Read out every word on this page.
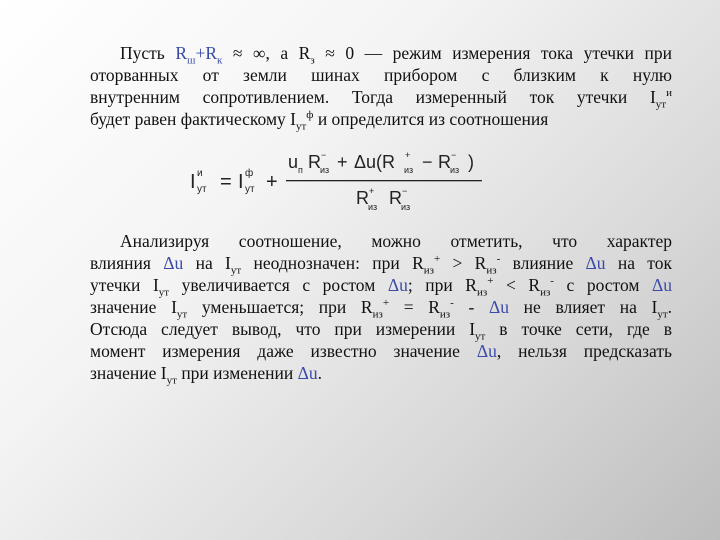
Пусть $R_ш+R_к$ ≈ ∞, а $R_з \approx 0$ — режим измерения тока утечки при
оторванных от земли шинах прибором с близким к нулю
внутренним сопротивлением. Тогда измеренный ток утечки $I_{ут}^и$
будет равен фактическому $I_{ут}^ф$ и определится из соотношения
I и
ут = I ф
ут +
u п R −
из + Δu(R +
из − R −
из )
R +
из R −
из
Анализируя соотношение, можно отметить, что характер
влияния Δu на $I_{ут}$ неоднозначен: при $R_{из}^+ > R_{из}^-$ влияние Δu на ток
утечки $I_{ут}$ увеличивается с ростом Δu; при $R_{из}^+ < R_{из}^-$ с ростом Δu
значение $I_{ут}$ уменьшается; при $R_{из}^+ = R_{из}^- - \Delta u$ не влияет на $I_{ут}$.
Отсюда следует вывод, что при измерении $I_{ут}$ в точке сети, где в
момент измерения даже известно значение Δu, нельзя предсказать
значение $I_{ут}$ при изменении Δu.
